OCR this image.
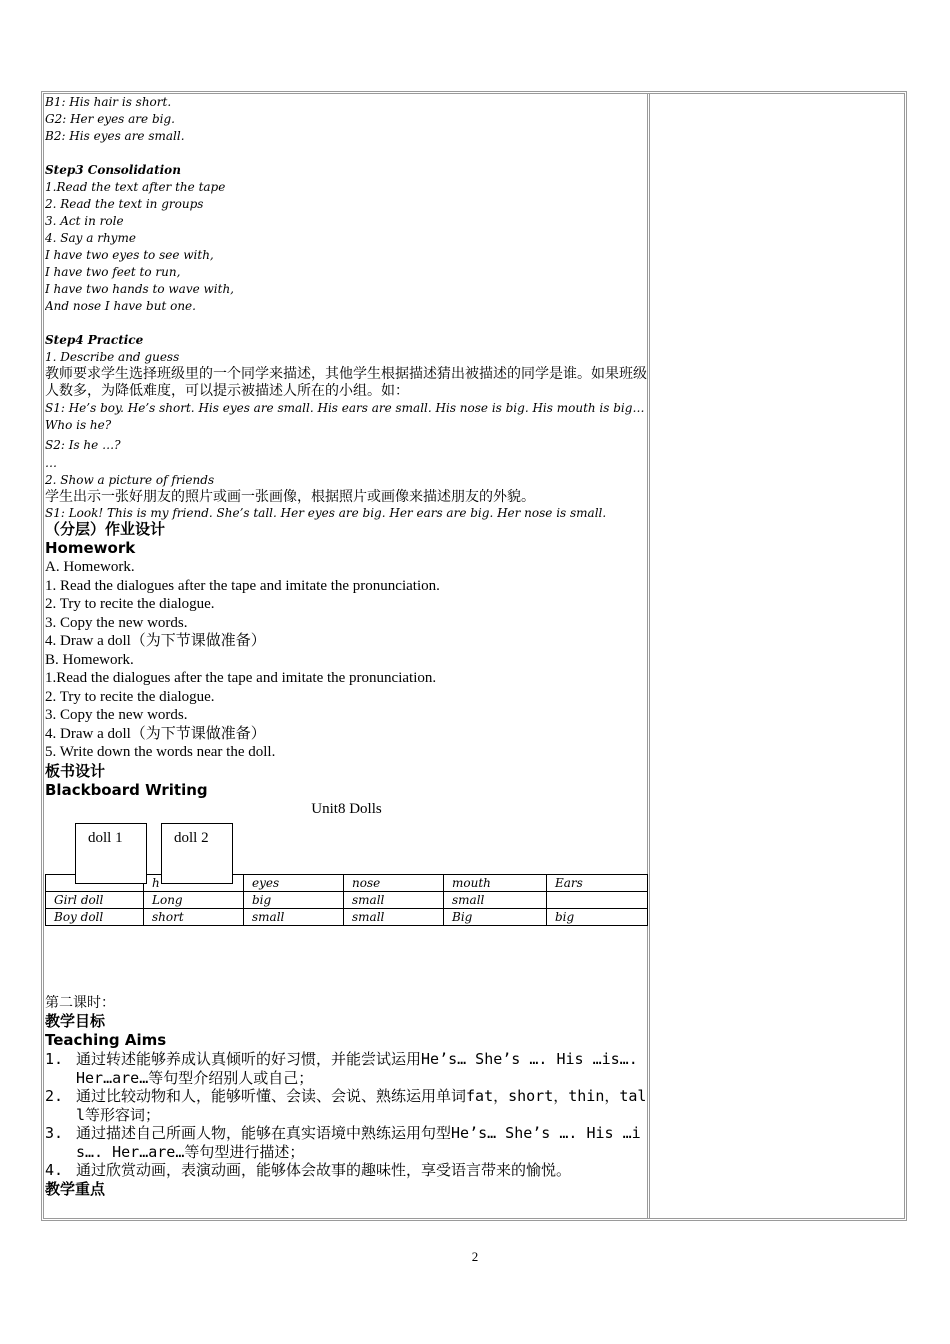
B1: His hair is short.
G2: Her eyes are big.
B2: His eyes are small.
Step3 Consolidation
1.Read the text after the tape
2. Read the text in groups
3. Act in role
4. Say a rhyme
I have two eyes to see with,
I have two feet to run,
I have two hands to wave with,
And nose I have but one.
Step4 Practice
1. Describe and guess
教师要求学生选择班级里的一个同学来描述，其他学生根据描述猜出被描述的同学是谁。如果班级人数多，为降低难度，可以提示被描述人所在的小组。如：
S1: He’s boy. He’s short. His eyes are small. His ears are small. His nose is big. His mouth is big…
Who is he?
S2: Is he …?
…
2. Show a picture of friends
学生出示一张好朋友的照片或画一张画像，根据照片或画像来描述朋友的外貌。
S1: Look! This is my friend. She’s tall. Her eyes are big. Her ears are big. Her nose is small.
（分层）作业设计
Homework
A. Homework.
1. Read the dialogues after the tape and imitate the pronunciation.
2. Try to recite the dialogue.
3. Copy the new words.
4. Draw a doll（为下节课做准备）
B. Homework.
1.Read the dialogues after the tape and imitate the pronunciation.
2. Try to recite the dialogue.
3. Copy the new words.
4. Draw a doll（为下节课做准备）
5. Write down the words near the doll.
板书设计
Blackboard Writing
Unit8 Dolls
doll 1	doll 2
	h	eyes	nose	mouth	Ears
Girl doll	Long	big	small	small	
Boy doll	short	small	small	Big	big
第二课时：
教学目标
Teaching Aims
1. 通过转述能够养成认真倾听的好习惯，并能尝试运用He’s… She’s …. His …is…. Her…are…等句型介绍别人或自己；
2. 通过比较动物和人，能够听懂、会读、会说、熟练运用单词fat，short，thin，tall等形容词；
3. 通过描述自己所画人物，能够在真实语境中熟练运用句型He’s… She’s …. His …is…. Her…are…等句型进行描述；
4. 通过欣赏动画，表演动画，能够体会故事的趣味性，享受语言带来的愉悦。
教学重点
2
